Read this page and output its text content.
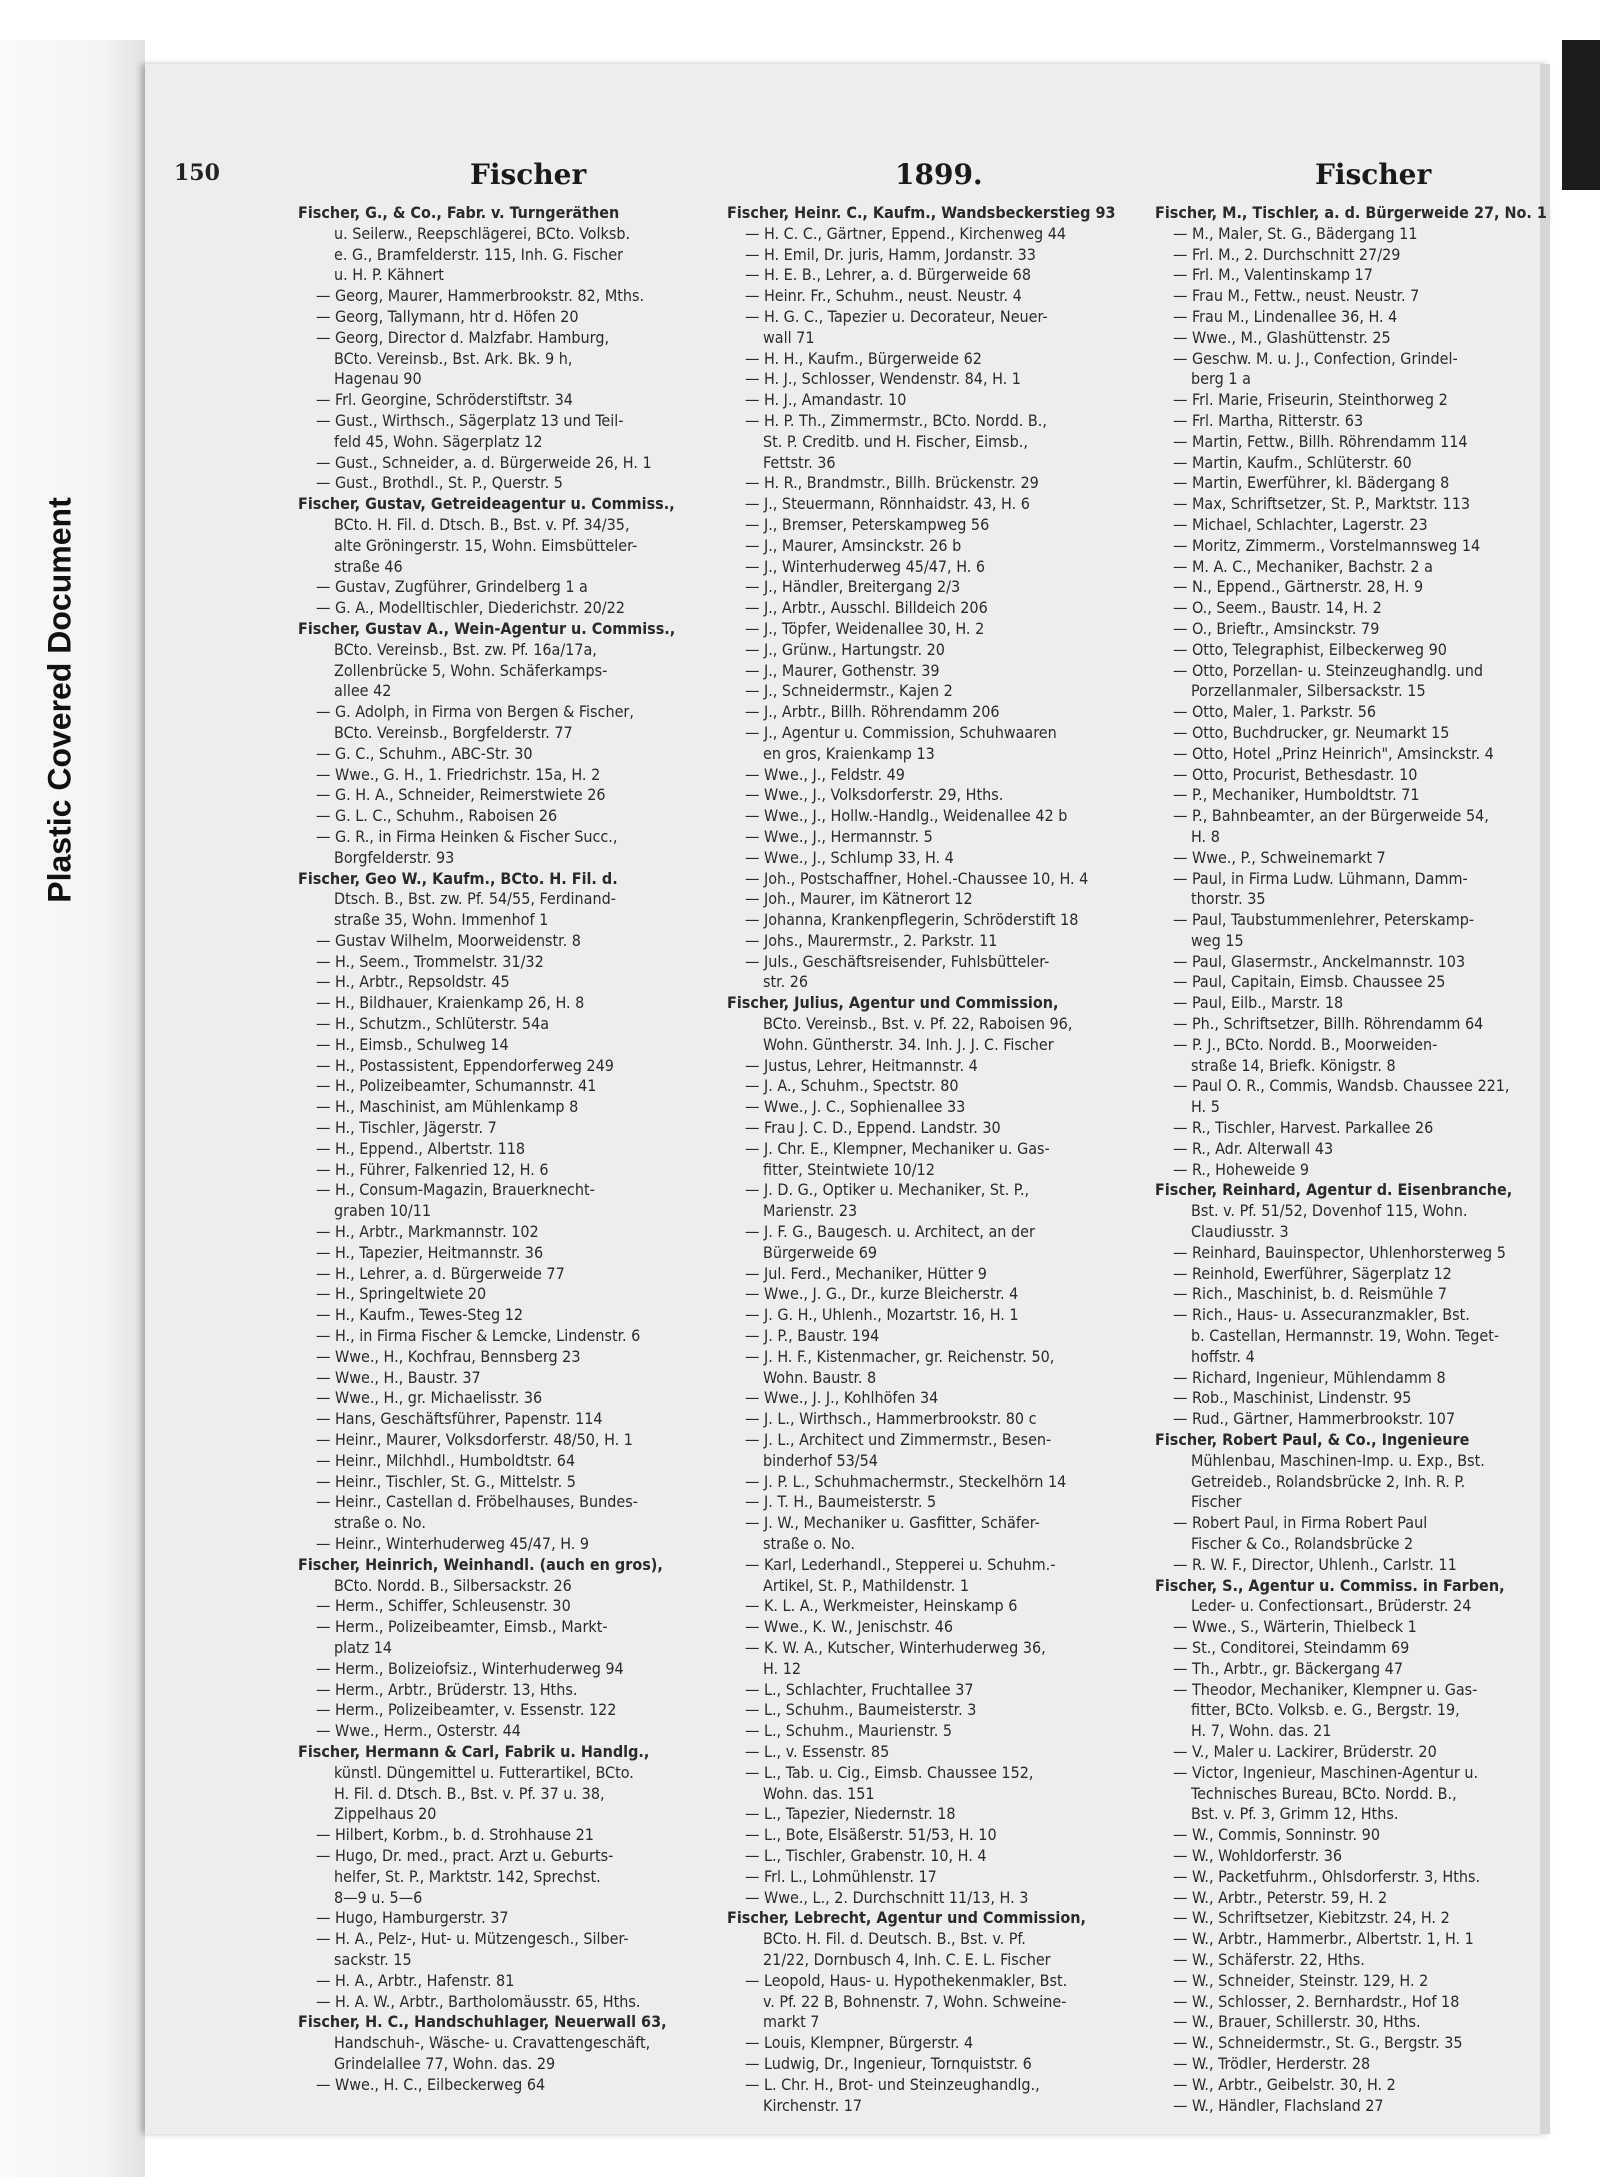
Plastic Covered Document
150	Fischer	1899.	Fischer

Fischer, G., & Co., Fabr. v. Turngeräthen

u. Seilerw., Reepschlägerei, BCto. Volksb.

e. G., Bramfelderstr. 115, Inh. G. Fischer

u. H. P. Kähnert

— Georg, Maurer, Hammerbrookstr. 82, Mths.

— Georg, Tallymann, htr d. Höfen 20

— Georg, Director d. Malzfabr. Hamburg,

BCto. Vereinsb., Bst. Ark. Bk. 9 h,

Hagenau 90

— Frl. Georgine, Schröderstiftstr. 34

— Gust., Wirthsch., Sägerplatz 13 und Teil-

feld 45, Wohn. Sägerplatz 12

— Gust., Schneider, a. d. Bürgerweide 26, H. 1

— Gust., Brothdl., St. P., Querstr. 5

Fischer, Gustav, Getreideagentur u. Commiss.,

BCto. H. Fil. d. Dtsch. B., Bst. v. Pf. 34/35,

alte Gröningerstr. 15, Wohn. Eimsbütteler-

straße 46

— Gustav, Zugführer, Grindelberg 1 a

— G. A., Modelltischler, Diederichstr. 20/22

Fischer, Gustav A., Wein-Agentur u. Commiss.,

BCto. Vereinsb., Bst. zw. Pf. 16a/17a,

Zollenbrücke 5, Wohn. Schäferkamps-

allee 42

— G. Adolph, in Firma von Bergen & Fischer,

BCto. Vereinsb., Borgfelderstr. 77

— G. C., Schuhm., ABC-Str. 30

— Wwe., G. H., 1. Friedrichstr. 15a, H. 2

— G. H. A., Schneider, Reimerstwiete 26

— G. L. C., Schuhm., Raboisen 26

— G. R., in Firma Heinken & Fischer Succ.,

Borgfelderstr. 93

Fischer, Geo W., Kaufm., BCto. H. Fil. d.

Dtsch. B., Bst. zw. Pf. 54/55, Ferdinand-

straße 35, Wohn. Immenhof 1

— Gustav Wilhelm, Moorweidenstr. 8

— H., Seem., Trommelstr. 31/32

— H., Arbtr., Repsoldstr. 45

— H., Bildhauer, Kraienkamp 26, H. 8

— H., Schutzm., Schlüterstr. 54a

— H., Eimsb., Schulweg 14

— H., Postassistent, Eppendorferweg 249

— H., Polizeibeamter, Schumannstr. 41

— H., Maschinist, am Mühlenkamp 8

— H., Tischler, Jägerstr. 7

— H., Eppend., Albertstr. 118

— H., Führer, Falkenried 12, H. 6

— H., Consum-Magazin, Brauerknecht-

graben 10/11

— H., Arbtr., Markmannstr. 102

— H., Tapezier, Heitmannstr. 36

— H., Lehrer, a. d. Bürgerweide 77

— H., Springeltwiete 20

— H., Kaufm., Tewes-Steg 12

— H., in Firma Fischer & Lemcke, Lindenstr. 6

— Wwe., H., Kochfrau, Bennsberg 23

— Wwe., H., Baustr. 37

— Wwe., H., gr. Michaelisstr. 36

— Hans, Geschäftsführer, Papenstr. 114

— Heinr., Maurer, Volksdorferstr. 48/50, H. 1

— Heinr., Milchhdl., Humboldtstr. 64

— Heinr., Tischler, St. G., Mittelstr. 5

— Heinr., Castellan d. Fröbelhauses, Bundes-

straße o. No.

— Heinr., Winterhuderweg 45/47, H. 9

Fischer, Heinrich, Weinhandl. (auch en gros),

BCto. Nordd. B., Silbersackstr. 26

— Herm., Schiffer, Schleusenstr. 30

— Herm., Polizeibeamter, Eimsb., Markt-

platz 14

— Herm., Bolizeiofsiz., Winterhuderweg 94

— Herm., Arbtr., Brüderstr. 13, Hths.

— Herm., Polizeibeamter, v. Essenstr. 122

— Wwe., Herm., Osterstr. 44

Fischer, Hermann & Carl, Fabrik u. Handlg.,

künstl. Düngemittel u. Futterartikel, BCto.

H. Fil. d. Dtsch. B., Bst. v. Pf. 37 u. 38,

Zippelhaus 20

— Hilbert, Korbm., b. d. Strohhause 21

— Hugo, Dr. med., pract. Arzt u. Geburts-

helfer, St. P., Marktstr. 142, Sprechst.

8—9 u. 5—6

— Hugo, Hamburgerstr. 37

— H. A., Pelz-, Hut- u. Mützengesch., Silber-

sackstr. 15

— H. A., Arbtr., Hafenstr. 81

— H. A. W., Arbtr., Bartholomäusstr. 65, Hths.

Fischer, H. C., Handschuhlager, Neuerwall 63,

Handschuh-, Wäsche- u. Cravattengeschäft,

Grindelallee 77, Wohn. das. 29

— Wwe., H. C., Eilbeckerweg 64

Fischer, Heinr. C., Kaufm., Wandsbeckerstieg 93

— H. C. C., Gärtner, Eppend., Kirchenweg 44

— H. Emil, Dr. juris, Hamm, Jordanstr. 33

— H. E. B., Lehrer, a. d. Bürgerweide 68

— Heinr. Fr., Schuhm., neust. Neustr. 4

— H. G. C., Tapezier u. Decorateur, Neuer-

wall 71

— H. H., Kaufm., Bürgerweide 62

— H. J., Schlosser, Wendenstr. 84, H. 1

— H. J., Amandastr. 10

— H. P. Th., Zimmermstr., BCto. Nordd. B.,

St. P. Creditb. und H. Fischer, Eimsb.,

Fettstr. 36

— H. R., Brandmstr., Billh. Brückenstr. 29

— J., Steuermann, Rönnhaidstr. 43, H. 6

— J., Bremser, Peterskampweg 56

— J., Maurer, Amsinckstr. 26 b

— J., Winterhuderweg 45/47, H. 6

— J., Händler, Breitergang 2/3

— J., Arbtr., Ausschl. Billdeich 206

— J., Töpfer, Weidenallee 30, H. 2

— J., Grünw., Hartungstr. 20

— J., Maurer, Gothenstr. 39

— J., Schneidermstr., Kajen 2

— J., Arbtr., Billh. Röhrendamm 206

— J., Agentur u. Commission, Schuhwaaren

en gros, Kraienkamp 13

— Wwe., J., Feldstr. 49

— Wwe., J., Volksdorferstr. 29, Hths.

— Wwe., J., Hollw.-Handlg., Weidenallee 42 b

— Wwe., J., Hermannstr. 5

— Wwe., J., Schlump 33, H. 4

— Joh., Postschaffner, Hohel.-Chaussee 10, H. 4

— Joh., Maurer, im Kätnerort 12

— Johanna, Krankenpflegerin, Schröderstift 18

— Johs., Maurermstr., 2. Parkstr. 11

— Juls., Geschäftsreisender, Fuhlsbütteler-

str. 26

Fischer, Julius, Agentur und Commission,

BCto. Vereinsb., Bst. v. Pf. 22, Raboisen 96,

Wohn. Güntherstr. 34. Inh. J. J. C. Fischer

— Justus, Lehrer, Heitmannstr. 4

— J. A., Schuhm., Spectstr. 80

— Wwe., J. C., Sophienallee 33

— Frau J. C. D., Eppend. Landstr. 30

— J. Chr. E., Klempner, Mechaniker u. Gas-

fitter, Steintwiete 10/12

— J. D. G., Optiker u. Mechaniker, St. P.,

Marienstr. 23

— J. F. G., Baugesch. u. Architect, an der

Bürgerweide 69

— Jul. Ferd., Mechaniker, Hütter 9

— Wwe., J. G., Dr., kurze Bleicherstr. 4

— J. G. H., Uhlenh., Mozartstr. 16, H. 1

— J. P., Baustr. 194

— J. H. F., Kistenmacher, gr. Reichenstr. 50,

Wohn. Baustr. 8

— Wwe., J. J., Kohlhöfen 34

— J. L., Wirthsch., Hammerbrookstr. 80 c

— J. L., Architect und Zimmermstr., Besen-

binderhof 53/54

— J. P. L., Schuhmachermstr., Steckelhörn 14

— J. T. H., Baumeisterstr. 5

— J. W., Mechaniker u. Gasfitter, Schäfer-

straße o. No.

— Karl, Lederhandl., Stepperei u. Schuhm.-

Artikel, St. P., Mathildenstr. 1

— K. L. A., Werkmeister, Heinskamp 6

— Wwe., K. W., Jenischstr. 46

— K. W. A., Kutscher, Winterhuderweg 36,

H. 12

— L., Schlachter, Fruchtallee 37

— L., Schuhm., Baumeisterstr. 3

— L., Schuhm., Maurienstr. 5

— L., v. Essenstr. 85

— L., Tab. u. Cig., Eimsb. Chaussee 152,

Wohn. das. 151

— L., Tapezier, Niedernstr. 18

— L., Bote, Elsäßerstr. 51/53, H. 10

— L., Tischler, Grabenstr. 10, H. 4

— Frl. L., Lohmühlenstr. 17

— Wwe., L., 2. Durchschnitt 11/13, H. 3

Fischer, Lebrecht, Agentur und Commission,

BCto. H. Fil. d. Deutsch. B., Bst. v. Pf.

21/22, Dornbusch 4, Inh. C. E. L. Fischer

— Leopold, Haus- u. Hypothekenmakler, Bst.

v. Pf. 22 B, Bohnenstr. 7, Wohn. Schweine-

markt 7

— Louis, Klempner, Bürgerstr. 4

— Ludwig, Dr., Ingenieur, Tornquiststr. 6

— L. Chr. H., Brot- und Steinzeughandlg.,

Kirchenstr. 17

Fischer, M., Tischler, a. d. Bürgerweide 27, No. 1

— M., Maler, St. G., Bädergang 11

— Frl. M., 2. Durchschnitt 27/29

— Frl. M., Valentinskamp 17

— Frau M., Fettw., neust. Neustr. 7

— Frau M., Lindenallee 36, H. 4

— Wwe., M., Glashüttenstr. 25

— Geschw. M. u. J., Confection, Grindel-

berg 1 a

— Frl. Marie, Friseurin, Steinthorweg 2

— Frl. Martha, Ritterstr. 63

— Martin, Fettw., Billh. Röhrendamm 114

— Martin, Kaufm., Schlüterstr. 60

— Martin, Ewerführer, kl. Bädergang 8

— Max, Schriftsetzer, St. P., Marktstr. 113

— Michael, Schlachter, Lagerstr. 23

— Moritz, Zimmerm., Vorstelmannsweg 14

— M. A. C., Mechaniker, Bachstr. 2 a

— N., Eppend., Gärtnerstr. 28, H. 9

— O., Seem., Baustr. 14, H. 2

— O., Brieftr., Amsinckstr. 79

— Otto, Telegraphist, Eilbeckerweg 90

— Otto, Porzellan- u. Steinzeughandlg. und

Porzellanmaler, Silbersackstr. 15

— Otto, Maler, 1. Parkstr. 56

— Otto, Buchdrucker, gr. Neumarkt 15

— Otto, Hotel „Prinz Heinrich", Amsinckstr. 4

— Otto, Procurist, Bethesdastr. 10

— P., Mechaniker, Humboldtstr. 71

— P., Bahnbeamter, an der Bürgerweide 54,

H. 8

— Wwe., P., Schweinemarkt 7

— Paul, in Firma Ludw. Lühmann, Damm-

thorstr. 35

— Paul, Taubstummenlehrer, Peterskamp-

weg 15

— Paul, Glasermstr., Anckelmannstr. 103

— Paul, Capitain, Eimsb. Chaussee 25

— Paul, Eilb., Marstr. 18

— Ph., Schriftsetzer, Billh. Röhrendamm 64

— P. J., BCto. Nordd. B., Moorweiden-

straße 14, Briefk. Königstr. 8

— Paul O. R., Commis, Wandsb. Chaussee 221,

H. 5

— R., Tischler, Harvest. Parkallee 26

— R., Adr. Alterwall 43

— R., Hoheweide 9

Fischer, Reinhard, Agentur d. Eisenbranche,

Bst. v. Pf. 51/52, Dovenhof 115, Wohn.

Claudiusstr. 3

— Reinhard, Bauinspector, Uhlenhorsterweg 5

— Reinhold, Ewerführer, Sägerplatz 12

— Rich., Maschinist, b. d. Reismühle 7

— Rich., Haus- u. Assecuranzmakler, Bst.

b. Castellan, Hermannstr. 19, Wohn. Teget-

hoffstr. 4

— Richard, Ingenieur, Mühlendamm 8

— Rob., Maschinist, Lindenstr. 95

— Rud., Gärtner, Hammerbrookstr. 107

Fischer, Robert Paul, & Co., Ingenieure

Mühlenbau, Maschinen-Imp. u. Exp., Bst.

Getreideb., Rolandsbrücke 2, Inh. R. P.

Fischer

— Robert Paul, in Firma Robert Paul

Fischer & Co., Rolandsbrücke 2

— R. W. F., Director, Uhlenh., Carlstr. 11

Fischer, S., Agentur u. Commiss. in Farben,

Leder- u. Confectionsart., Brüderstr. 24

— Wwe., S., Wärterin, Thielbeck 1

— St., Conditorei, Steindamm 69

— Th., Arbtr., gr. Bäckergang 47

— Theodor, Mechaniker, Klempner u. Gas-

fitter, BCto. Volksb. e. G., Bergstr. 19,

H. 7, Wohn. das. 21

— V., Maler u. Lackirer, Brüderstr. 20

— Victor, Ingenieur, Maschinen-Agentur u.

Technisches Bureau, BCto. Nordd. B.,

Bst. v. Pf. 3, Grimm 12, Hths.

— W., Commis, Sonninstr. 90

— W., Wohldorferstr. 36

— W., Packetfuhrm., Ohlsdorferstr. 3, Hths.

— W., Arbtr., Peterstr. 59, H. 2

— W., Schriftsetzer, Kiebitzstr. 24, H. 2

— W., Arbtr., Hammerbr., Albertstr. 1, H. 1

— W., Schäferstr. 22, Hths.

— W., Schneider, Steinstr. 129, H. 2

— W., Schlosser, 2. Bernhardstr., Hof 18

— W., Brauer, Schillerstr. 30, Hths.

— W., Schneidermstr., St. G., Bergstr. 35

— W., Trödler, Herderstr. 28

— W., Arbtr., Geibelstr. 30, H. 2

— W., Händler, Flachsland 27
